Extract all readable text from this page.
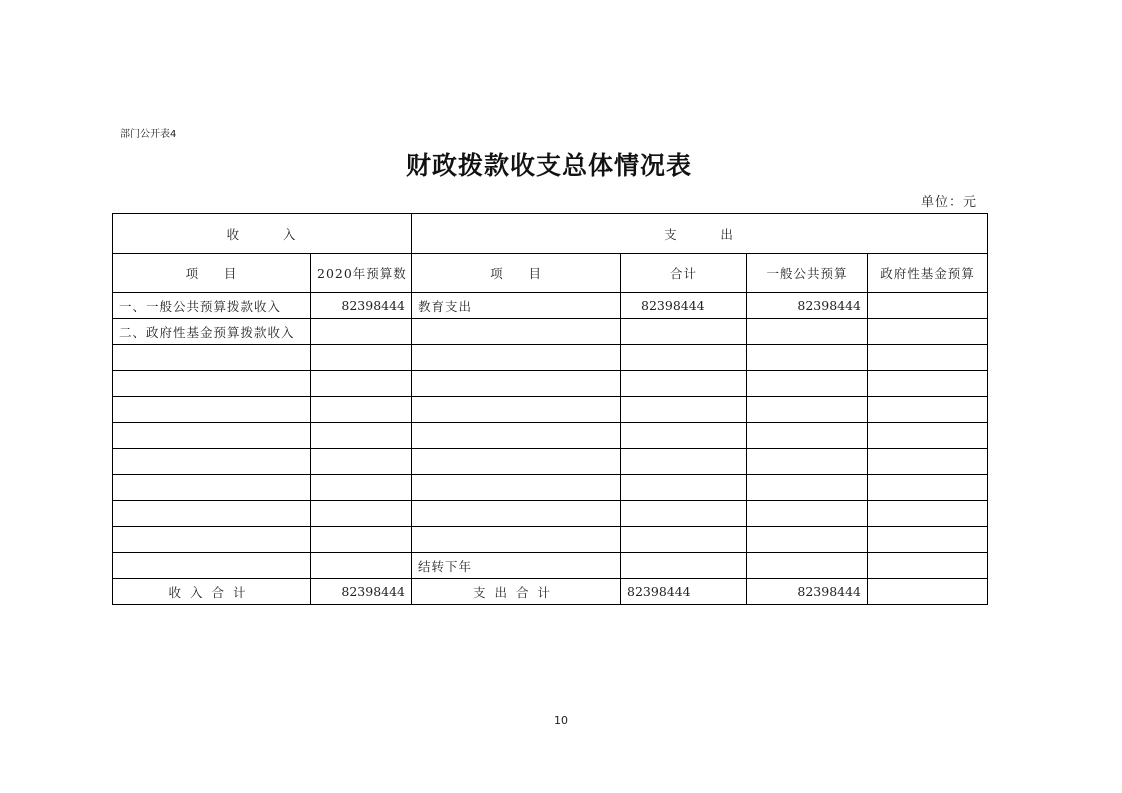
部门公开表4
财政拨款收支总体情况表
单位：元
收       入		支       出			
项     目	2020年预算数	项     目	合计	一般公共预算	政府性基金预算
一、一般公共预算拨款收入	82398444	教育支出	82398444	82398444	
二、政府性基金预算拨款收入					

		结转下年			
收入合计	82398444	支出合计	82398444	82398444	
10
